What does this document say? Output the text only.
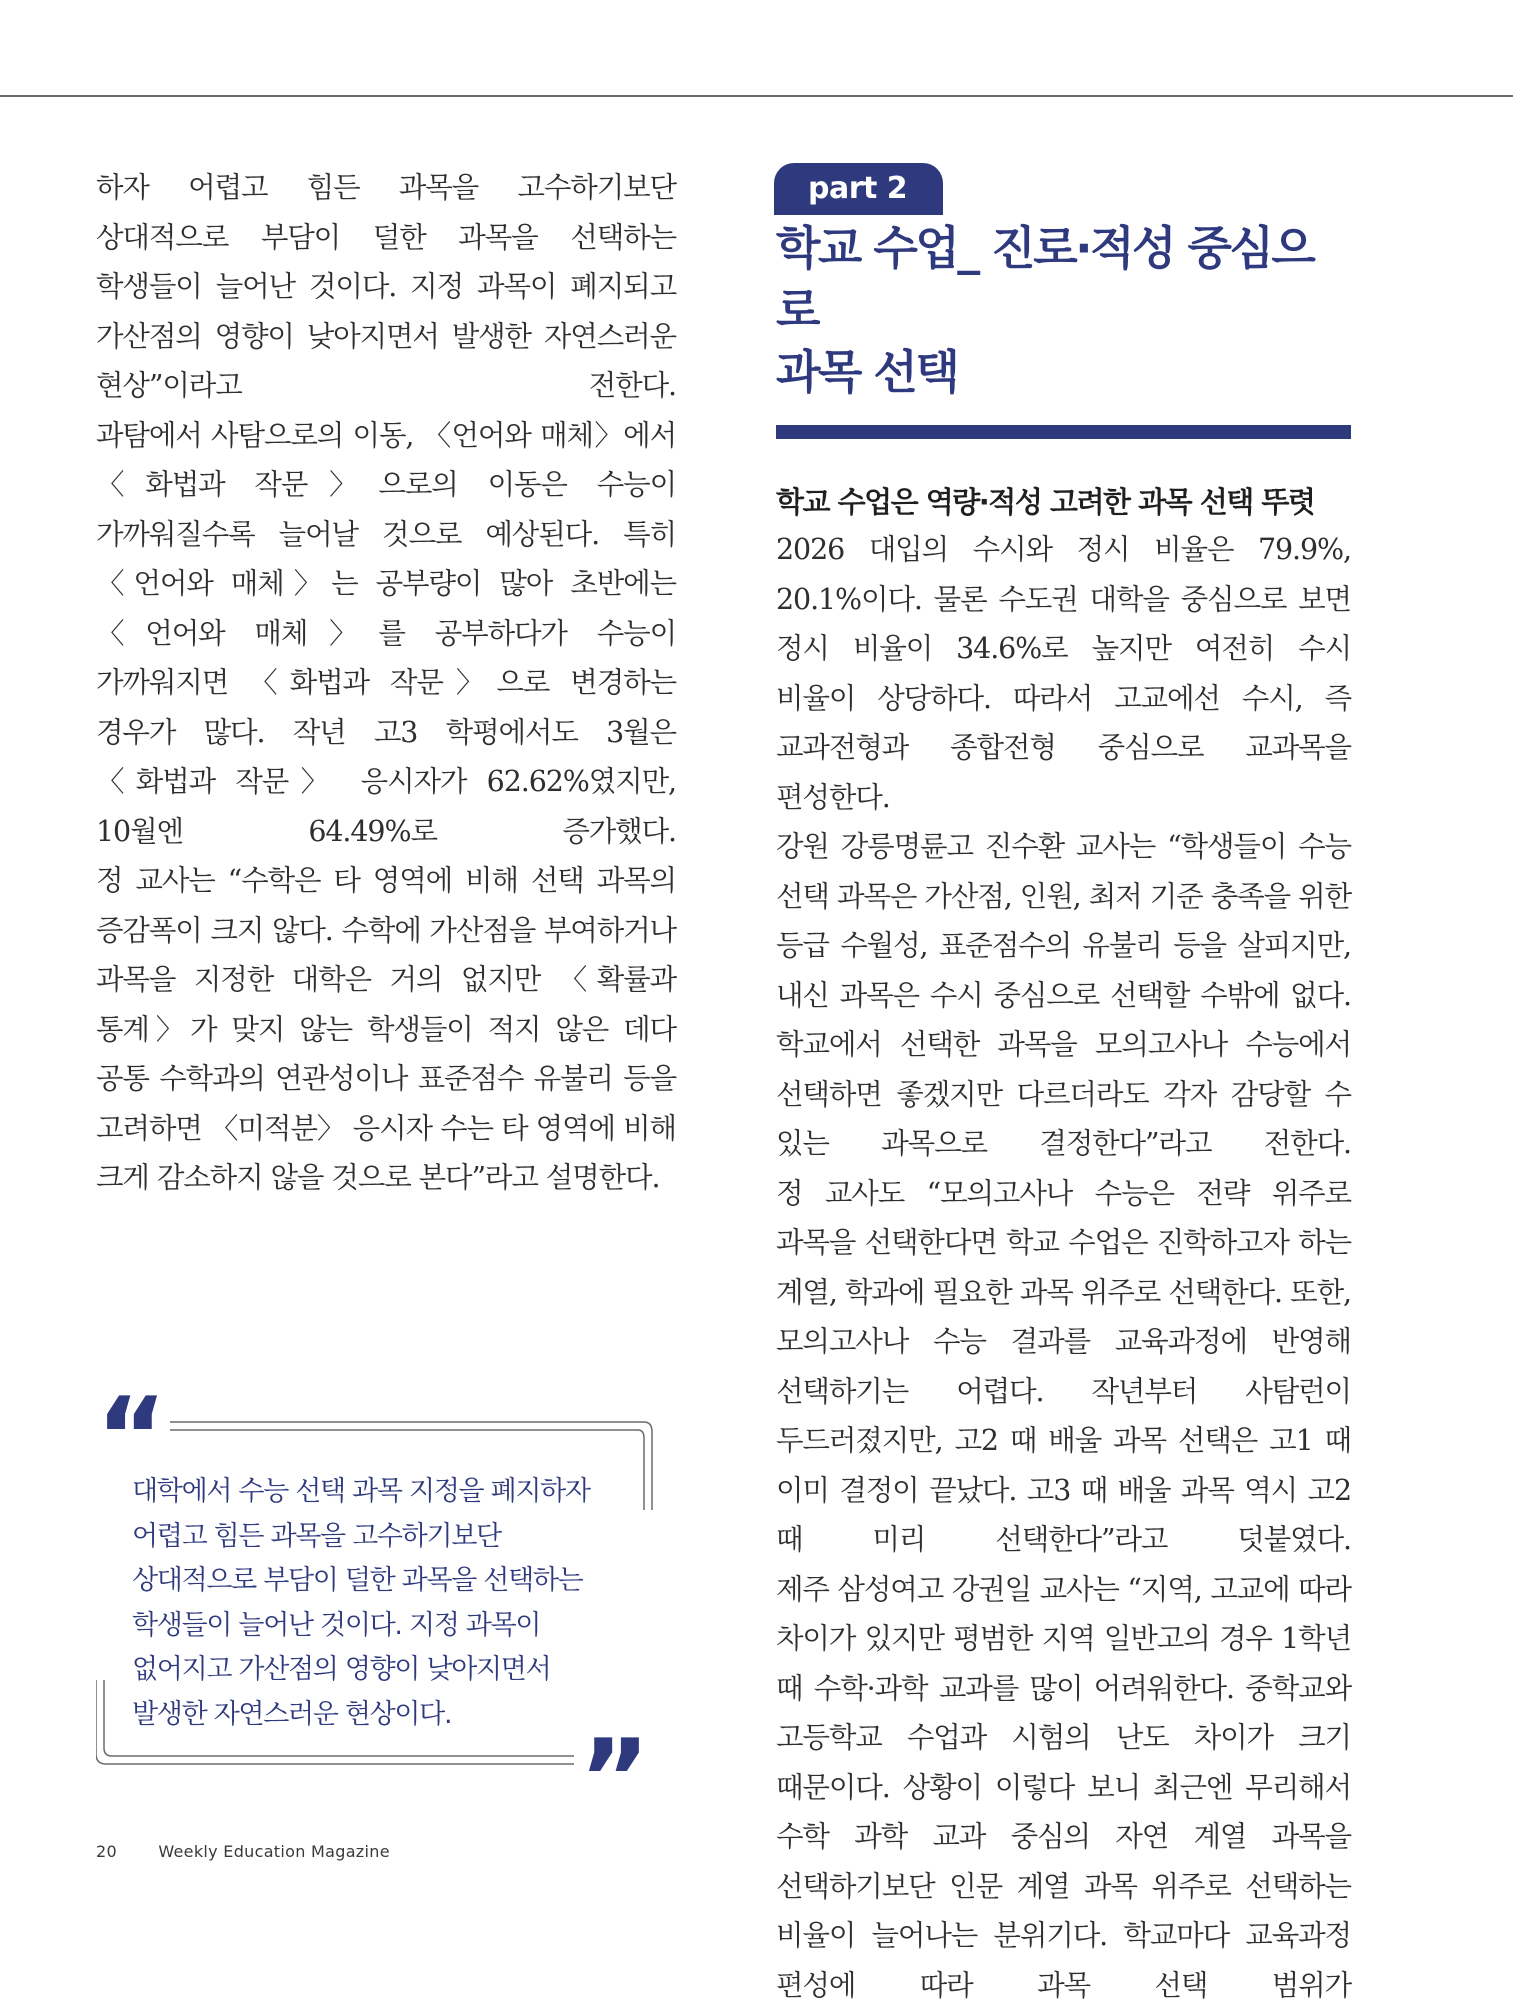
하자 어렵고 힘든 과목을 고수하기보단 상대적으로 부담이 덜한 과목을 선택하는 학생들이 늘어난 것이다. 지정 과목이 폐지되고 가산점의 영향이 낮아지면서 발생한 자연스러운 현상”이라고 전한다.

과탐에서 사탐으로의 이동, 〈언어와 매체〉에서 〈화법과 작문〉으로의 이동은 수능이 가까워질수록 늘어날 것으로 예상된다. 특히 〈언어와 매체〉는 공부량이 많아 초반에는 〈언어와 매체〉를 공부하다가 수능이 가까워지면 〈화법과 작문〉으로 변경하는 경우가 많다. 작년 고3 학평에서도 3월은 〈화법과 작문〉 응시자가 62.62%였지만, 10월엔 64.49%로 증가했다.

정 교사는 “수학은 타 영역에 비해 선택 과목의 증감폭이 크지 않다. 수학에 가산점을 부여하거나 과목을 지정한 대학은 거의 없지만 〈확률과 통계〉가 맞지 않는 학생들이 적지 않은 데다 공통 수학과의 연관성이나 표준점수 유불리 등을 고려하면 〈미적분〉 응시자 수는 타 영역에 비해 크게 감소하지 않을 것으로 본다”라고 설명한다.

“

대학에서 수능 선택 과목 지정을 폐지하자 어렵고 힘든 과목을 고수하기보단 상대적으로 부담이 덜한 과목을 선택하는 학생들이 늘어난 것이다. 지정 과목이 없어지고 가산점의 영향이 낮아지면서 발생한 자연스러운 현상이다.

”
part 2
학교 수업_ 진로·적성 중심으로
과목 선택
학교 수업은 역량·적성 고려한 과목 선택 뚜렷

2026 대입의 수시와 정시 비율은 79.9%, 20.1%이다. 물론 수도권 대학을 중심으로 보면 정시 비율이 34.6%로 높지만 여전히 수시 비율이 상당하다. 따라서 고교에선 수시, 즉 교과전형과 종합전형 중심으로 교과목을 편성한다.

강원 강릉명륜고 진수환 교사는 “학생들이 수능 선택 과목은 가산점, 인원, 최저 기준 충족을 위한 등급 수월성, 표준점수의 유불리 등을 살피지만, 내신 과목은 수시 중심으로 선택할 수밖에 없다. 학교에서 선택한 과목을 모의고사나 수능에서 선택하면 좋겠지만 다르더라도 각자 감당할 수 있는 과목으로 결정한다”라고 전한다.

정 교사도 “모의고사나 수능은 전략 위주로 과목을 선택한다면 학교 수업은 진학하고자 하는 계열, 학과에 필요한 과목 위주로 선택한다. 또한, 모의고사나 수능 결과를 교육과정에 반영해 선택하기는 어렵다. 작년부터 사탐런이 두드러졌지만, 고2 때 배울 과목 선택은 고1 때 이미 결정이 끝났다. 고3 때 배울 과목 역시 고2 때 미리 선택한다”라고 덧붙였다.

제주 삼성여고 강권일 교사는 “지역, 고교에 따라 차이가 있지만 평범한 지역 일반고의 경우 1학년 때 수학·과학 교과를 많이 어려워한다. 중학교와 고등학교 수업과 시험의 난도 차이가 크기 때문이다. 상황이 이렇다 보니 최근엔 무리해서 수학 과학 교과 중심의 자연 계열 과목을 선택하기보단 인문 계열 과목 위주로 선택하는 비율이 늘어나는 분위기다. 학교마다 교육과정 편성에 따라 과목 선택 범위가

20	Weekly Education Magazine
